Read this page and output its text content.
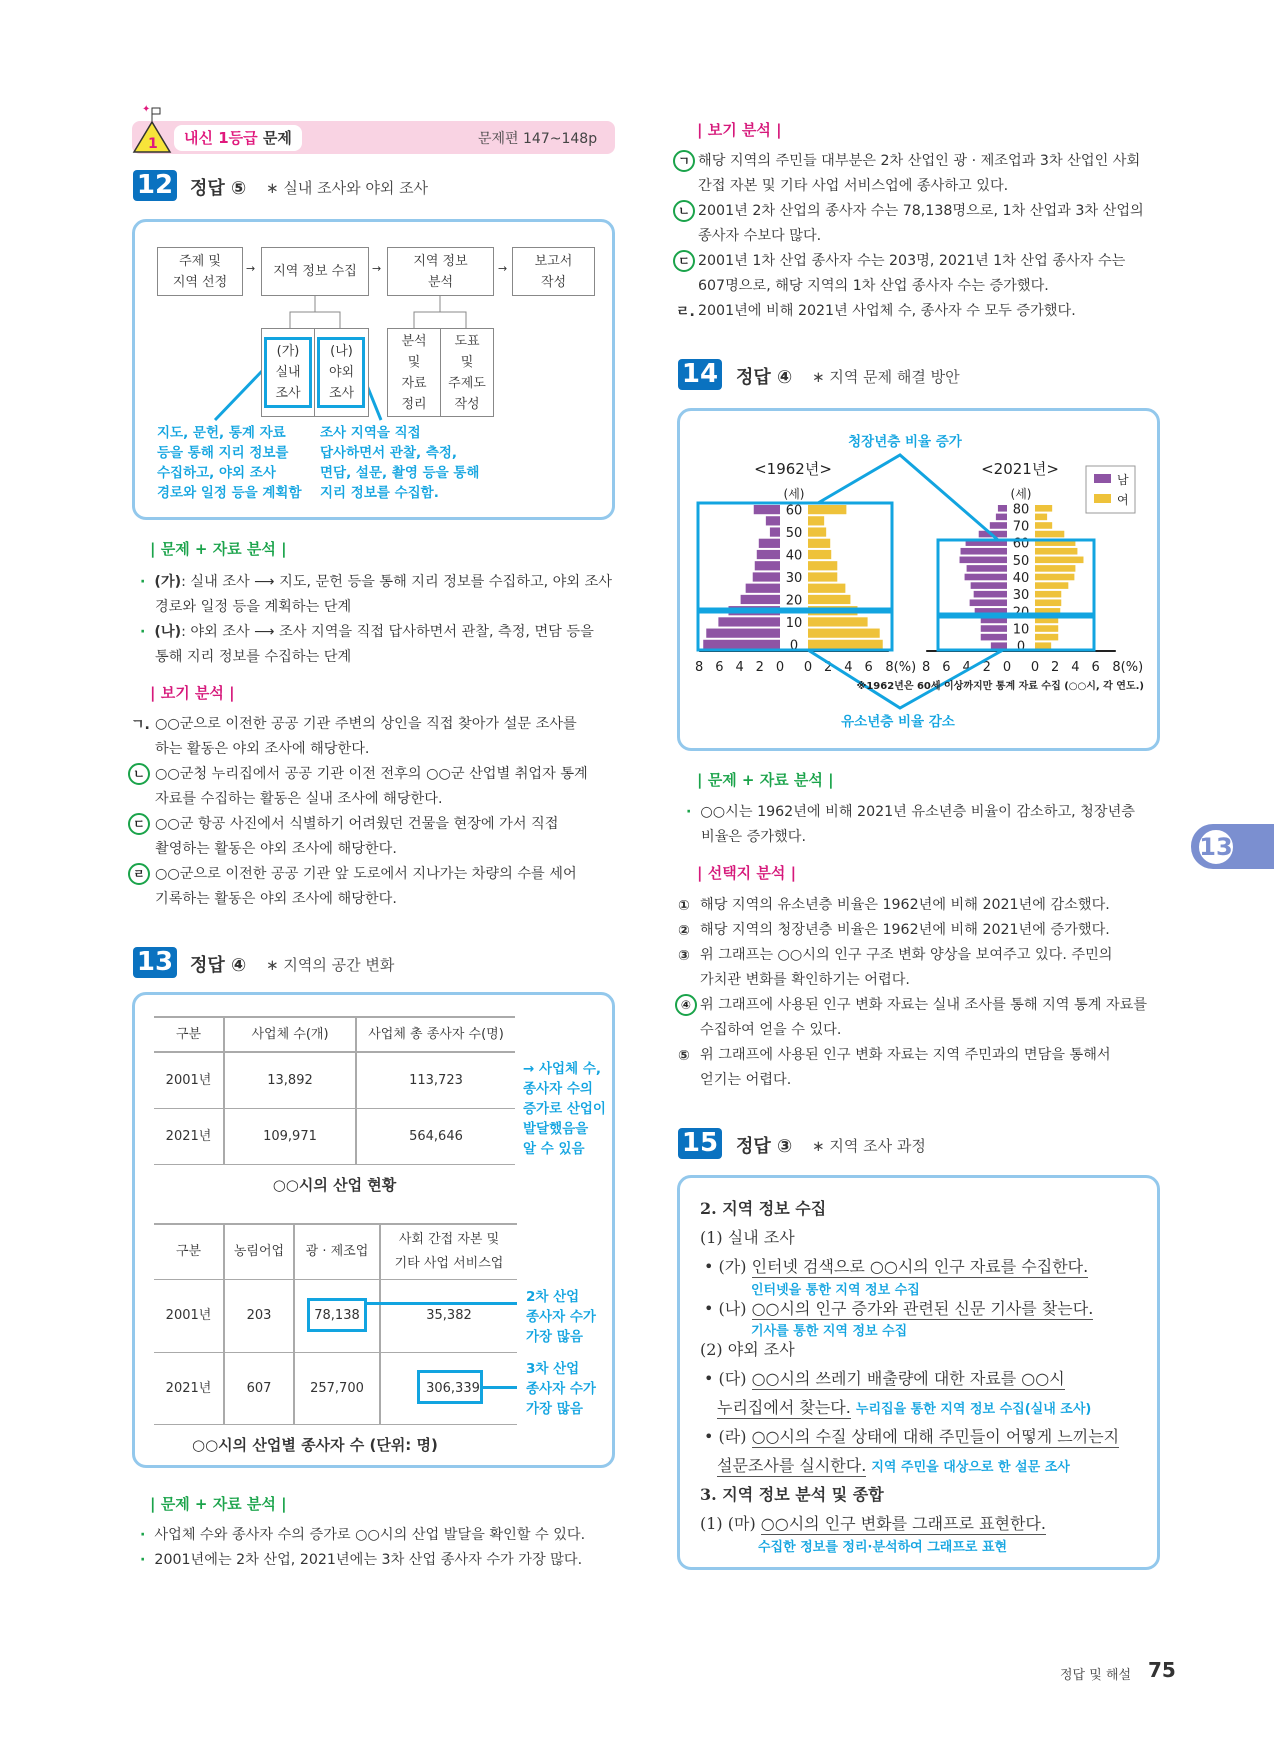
1
✦
내신 1등급 문제	문제편 147~148p
12 정답 ⑤ ∗ 실내 조사와 야외 조사
주제 및
지역 선정
지역 정보 수집
지역 정보
분석
보고서
작성
→	→	→
(가)
실내
조사
(나)
야외
조사
분석
및
자료
정리
도표
및
주제도
작성
지도, 문헌, 통계 자료
등을 통해 지리 정보를
수집하고, 야외 조사
경로와 일정 등을 계획함
조사 지역을 직접
답사하면서 관찰, 측정,
면담, 설문, 촬영 등을 통해
지리 정보를 수집함.
| 문제 + 자료 분석 |
· (가): 실내 조사 ⟶ 지도, 문헌 등을 통해 지리 정보를 수집하고, 야외 조사
경로와 일정 등을 계획하는 단계
· (나): 야외 조사 ⟶ 조사 지역을 직접 답사하면서 관찰, 측정, 면담 등을
통해 지리 정보를 수집하는 단계
| 보기 분석 |
ㄱ. ○○군으로 이전한 공공 기관 주변의 상인을 직접 찾아가 설문 조사를
하는 활동은 야외 조사에 해당한다.
ㄴ ○○군청 누리집에서 공공 기관 이전 전후의 ○○군 산업별 취업자 통계
자료를 수집하는 활동은 실내 조사에 해당한다.
ㄷ ○○군 항공 사진에서 식별하기 어려웠던 건물을 현장에 가서 직접
촬영하는 활동은 야외 조사에 해당한다.
ㄹ ○○군으로 이전한 공공 기관 앞 도로에서 지나가는 차량의 수를 세어
기록하는 활동은 야외 조사에 해당한다.
13 정답 ④ ∗ 지역의 공간 변화
구분	사업체 수(개)	사업체 총 종사자 수(명)
2001년	13,892	113,723
2021년	109,971	564,646
○○시의 산업 현황
→ 사업체 수,
종사자 수의
증가로 산업이
발달했음을
알 수 있음
구분	농림어업	광 · 제조업
사회 간접 자본 및
기타 사업 서비스업
2001년	203	78,138	35,382
2021년	607	257,700	306,339
2차 산업
종사자 수가
가장 많음
3차 산업
종사자 수가
가장 많음
○○시의 산업별 종사자 수 (단위: 명)
| 문제 + 자료 분석 |
· 사업체 수와 종사자 수의 증가로 ○○시의 산업 발달을 확인할 수 있다.
· 2001년에는 2차 산업, 2021년에는 3차 산업 종사자 수가 가장 많다.
| 보기 분석 |
ㄱ 해당 지역의 주민들 대부분은 2차 산업인 광 · 제조업과 3차 산업인 사회
간접 자본 및 기타 사업 서비스업에 종사하고 있다.
ㄴ 2001년 2차 산업의 종사자 수는 78,138명으로, 1차 산업과 3차 산업의
종사자 수보다 많다.
ㄷ 2001년 1차 산업 종사자 수는 203명, 2021년 1차 산업 종사자 수는
607명으로, 해당 지역의 1차 산업 종사자 수는 증가했다.
ㄹ. 2001년에 비해 2021년 사업체 수, 종사자 수 모두 증가했다.
14 정답 ④ ∗ 지역 문제 해결 방안
0
10
20
30
40
50
60
(세)
<1962년>
8 6 4 2 0 0 2 4 6 8(%)
0
10
20
30
40
50
60
70
80
(세)
<2021년>
8 6 4 2 0 0 2 4 6 8(%)
청장년층 비율 증가
유소년층 비율 감소
※1962년은 60세 이상까지만 통계 자료 수집 (○○시, 각 연도.)
남
여
| 문제 + 자료 분석 |
· ○○시는 1962년에 비해 2021년 유소년층 비율이 감소하고, 청장년층
비율은 증가했다.
| 선택지 분석 |
① 해당 지역의 유소년층 비율은 1962년에 비해 2021년에 감소했다.
② 해당 지역의 청장년층 비율은 1962년에 비해 2021년에 증가했다.
③ 위 그래프는 ○○시의 인구 구조 변화 양상을 보여주고 있다. 주민의
가치관 변화를 확인하기는 어렵다.
④ 위 그래프에 사용된 인구 변화 자료는 실내 조사를 통해 지역 통계 자료를
수집하여 얻을 수 있다.
⑤ 위 그래프에 사용된 인구 변화 자료는 지역 주민과의 면담을 통해서
얻기는 어렵다.
15 정답 ③ ∗ 지역 조사 과정
2. 지역 정보 수집
(1) 실내 조사
• (가) 인터넷 검색으로 ○○시의 인구 자료를 수집한다.
인터넷을 통한 지역 정보 수집
• (나) ○○시의 인구 증가와 관련된 신문 기사를 찾는다.
기사를 통한 지역 정보 수집
(2) 야외 조사
• (다) ○○시의 쓰레기 배출량에 대한 자료를 ○○시
누리집에서 찾는다. 누리집을 통한 지역 정보 수집(실내 조사)
• (라) ○○시의 수질 상태에 대해 주민들이 어떻게 느끼는지
설문조사를 실시한다. 지역 주민을 대상으로 한 설문 조사
3. 지역 정보 분석 및 종합
(1) (마) ○○시의 인구 변화를 그래프로 표현한다.
수집한 정보를 정리·분석하여 그래프로 표현
13
정답 및 해설 75
